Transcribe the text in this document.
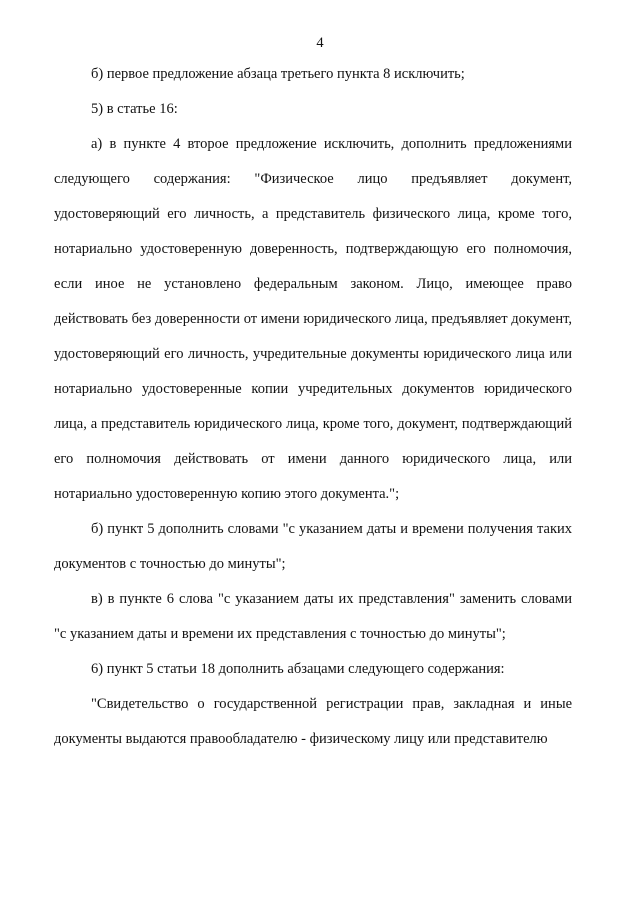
4

б) первое предложение абзаца третьего пункта 8 исключить;

5) в статье 16:

а) в пункте 4 второе предложение исключить, дополнить предложениями следующего содержания: "Физическое лицо предъявляет документ, удостоверяющий его личность, а представитель физического лица, кроме того, нотариально удостоверенную доверенность, подтверждающую его полномочия, если иное не установлено федеральным законом. Лицо, имеющее право действовать без доверенности от имени юридического лица, предъявляет документ, удостоверяющий его личность, учредительные документы юридического лица или нотариально удостоверенные копии учредительных документов юридического лица, а представитель юридического лица, кроме того, документ, подтверждающий его полномочия действовать от имени данного юридического лица, или нотариально удостоверенную копию этого документа.";

б) пункт 5 дополнить словами "с указанием даты и времени получения таких документов с точностью до минуты";

в) в пункте 6 слова "с указанием даты их представления" заменить словами "с указанием даты и времени их представления с точностью до минуты";

6) пункт 5 статьи 18 дополнить абзацами следующего содержания:

"Свидетельство о государственной регистрации прав, закладная и иные документы выдаются правообладателю - физическому лицу или представителю
